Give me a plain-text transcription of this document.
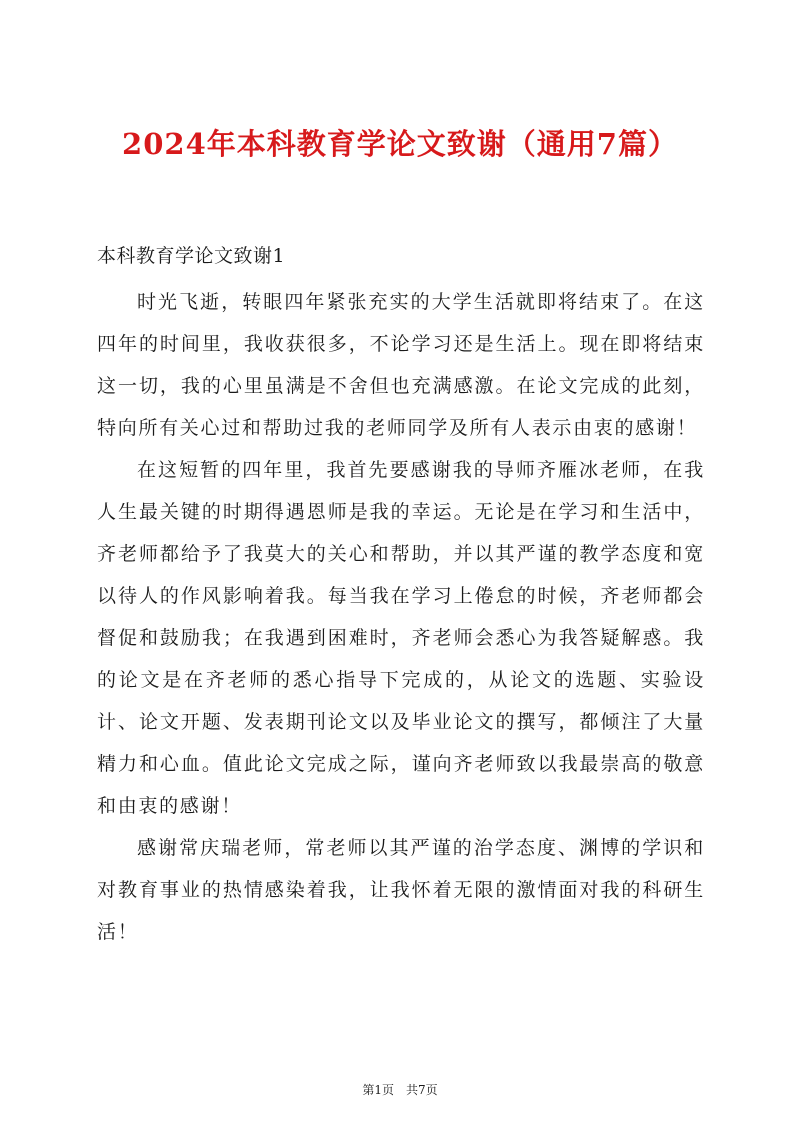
2024年本科教育学论文致谢（通用7篇）
本科教育学论文致谢1

时光飞逝，转眼四年紧张充实的大学生活就即将结束了。在这四年的时间里，我收获很多，不论学习还是生活上。现在即将结束这一切，我的心里虽满是不舍但也充满感激。在论文完成的此刻，特向所有关心过和帮助过我的老师同学及所有人表示由衷的感谢！

在这短暂的四年里，我首先要感谢我的导师齐雁冰老师，在我人生最关键的时期得遇恩师是我的幸运。无论是在学习和生活中，齐老师都给予了我莫大的关心和帮助，并以其严谨的教学态度和宽以待人的作风影响着我。每当我在学习上倦怠的时候，齐老师都会督促和鼓励我；在我遇到困难时，齐老师会悉心为我答疑解惑。我的论文是在齐老师的悉心指导下完成的，从论文的选题、实验设计、论文开题、发表期刊论文以及毕业论文的撰写，都倾注了大量精力和心血。值此论文完成之际，谨向齐老师致以我最崇高的敬意和由衷的感谢！

感谢常庆瑞老师，常老师以其严谨的治学态度、渊博的学识和对教育事业的热情感染着我，让我怀着无限的激情面对我的科研生活！

第1页　共7页
